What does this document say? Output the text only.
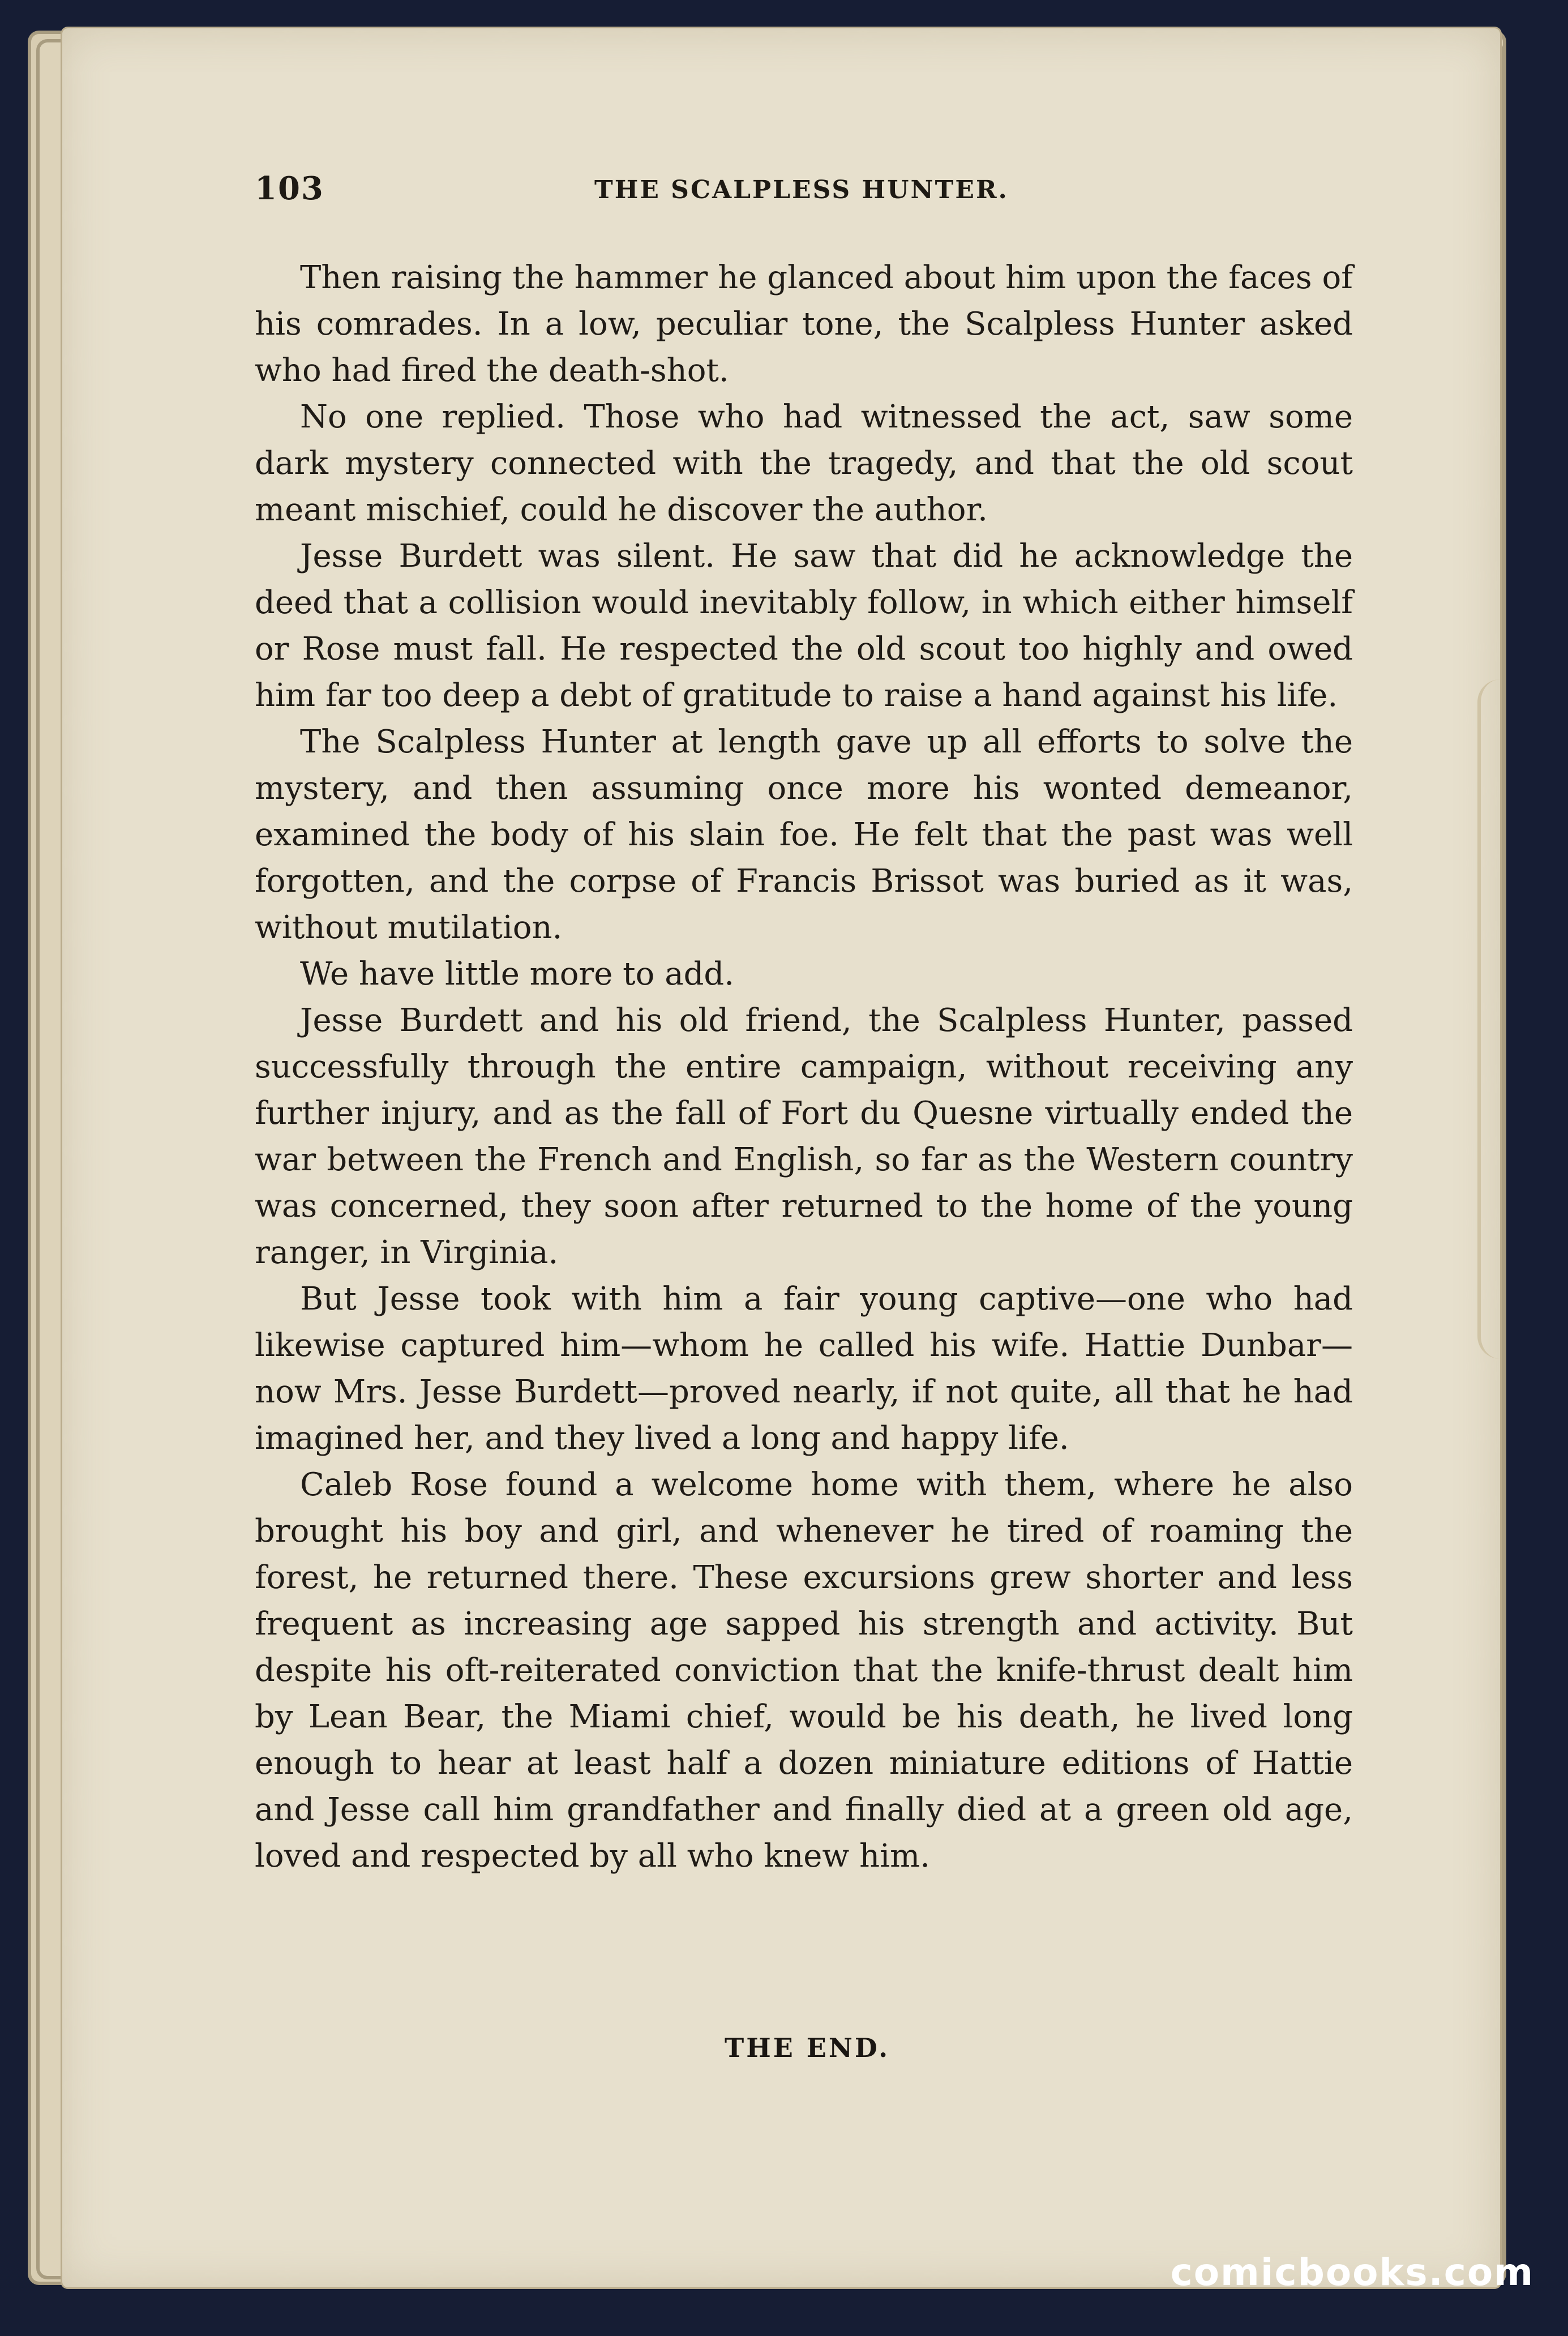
103	THE SCALPLESS HUNTER.

Then raising the hammer he glanced about him upon the faces of his comrades. In a low, peculiar tone, the Scalpless Hunter asked who had fired the death-shot.

No one replied. Those who had witnessed the act, saw some dark mystery connected with the tragedy, and that the old scout meant mischief, could he discover the author.

Jesse Burdett was silent. He saw that did he acknowledge the deed that a collision would inevitably follow, in which either himself or Rose must fall. He respected the old scout too highly and owed him far too deep a debt of gratitude to raise a hand against his life.

The Scalpless Hunter at length gave up all efforts to solve the mystery, and then assuming once more his wonted demeanor, examined the body of his slain foe. He felt that the past was well forgotten, and the corpse of Francis Brissot was buried as it was, without mutilation.

We have little more to add.

Jesse Burdett and his old friend, the Scalpless Hunter, passed successfully through the entire campaign, without receiving any further injury, and as the fall of Fort du Quesne virtually ended the war between the French and English, so far as the Western country was concerned, they soon after returned to the home of the young ranger, in Virginia.

But Jesse took with him a fair young captive—one who had likewise captured him—whom he called his wife. Hattie Dunbar—now Mrs. Jesse Burdett—proved nearly, if not quite, all that he had imagined her, and they lived a long and happy life.

Caleb Rose found a welcome home with them, where he also brought his boy and girl, and whenever he tired of roaming the forest, he returned there. These excursions grew shorter and less frequent as increasing age sapped his strength and activity. But despite his oft-reiterated conviction that the knife-thrust dealt him by Lean Bear, the Miami chief, would be his death, he lived long enough to hear at least half a dozen miniature editions of Hattie and Jesse call him grandfather and finally died at a green old age, loved and respected by all who knew him.

THE END.
comicbooks.com
